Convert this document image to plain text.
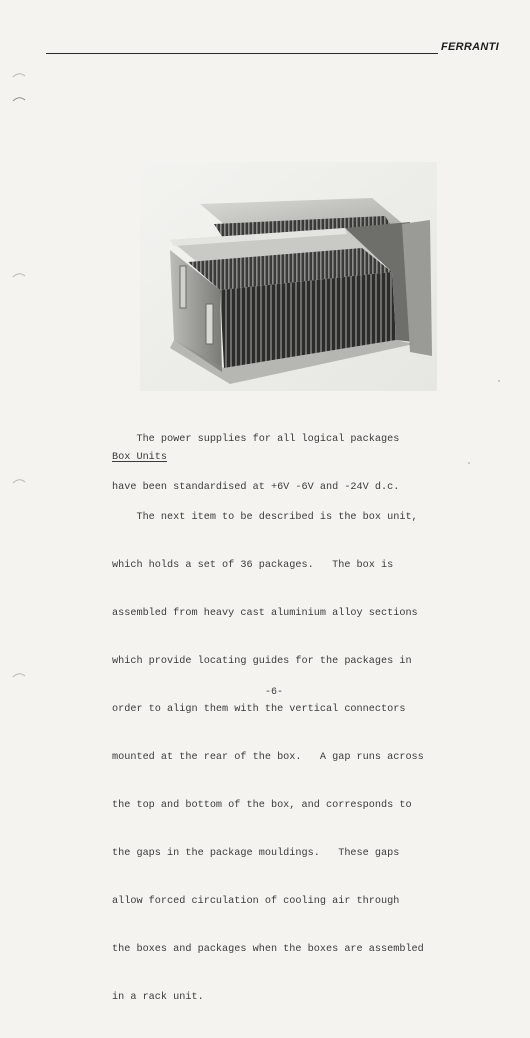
FERRANTI

The power supplies for all logical packages

have been standardised at +6V -6V and -24V d.c.

Box Units

The next item to be described is the box unit,

which holds a set of 36 packages.   The box is

assembled from heavy cast aluminium alloy sections

which provide locating guides for the packages in

order to align them with the vertical connectors

mounted at the rear of the box.   A gap runs across

the top and bottom of the box, and corresponds to

the gaps in the package mouldings.   These gaps

allow forced circulation of cooling air through

the boxes and packages when the boxes are assembled

in a rack unit.

-6-
